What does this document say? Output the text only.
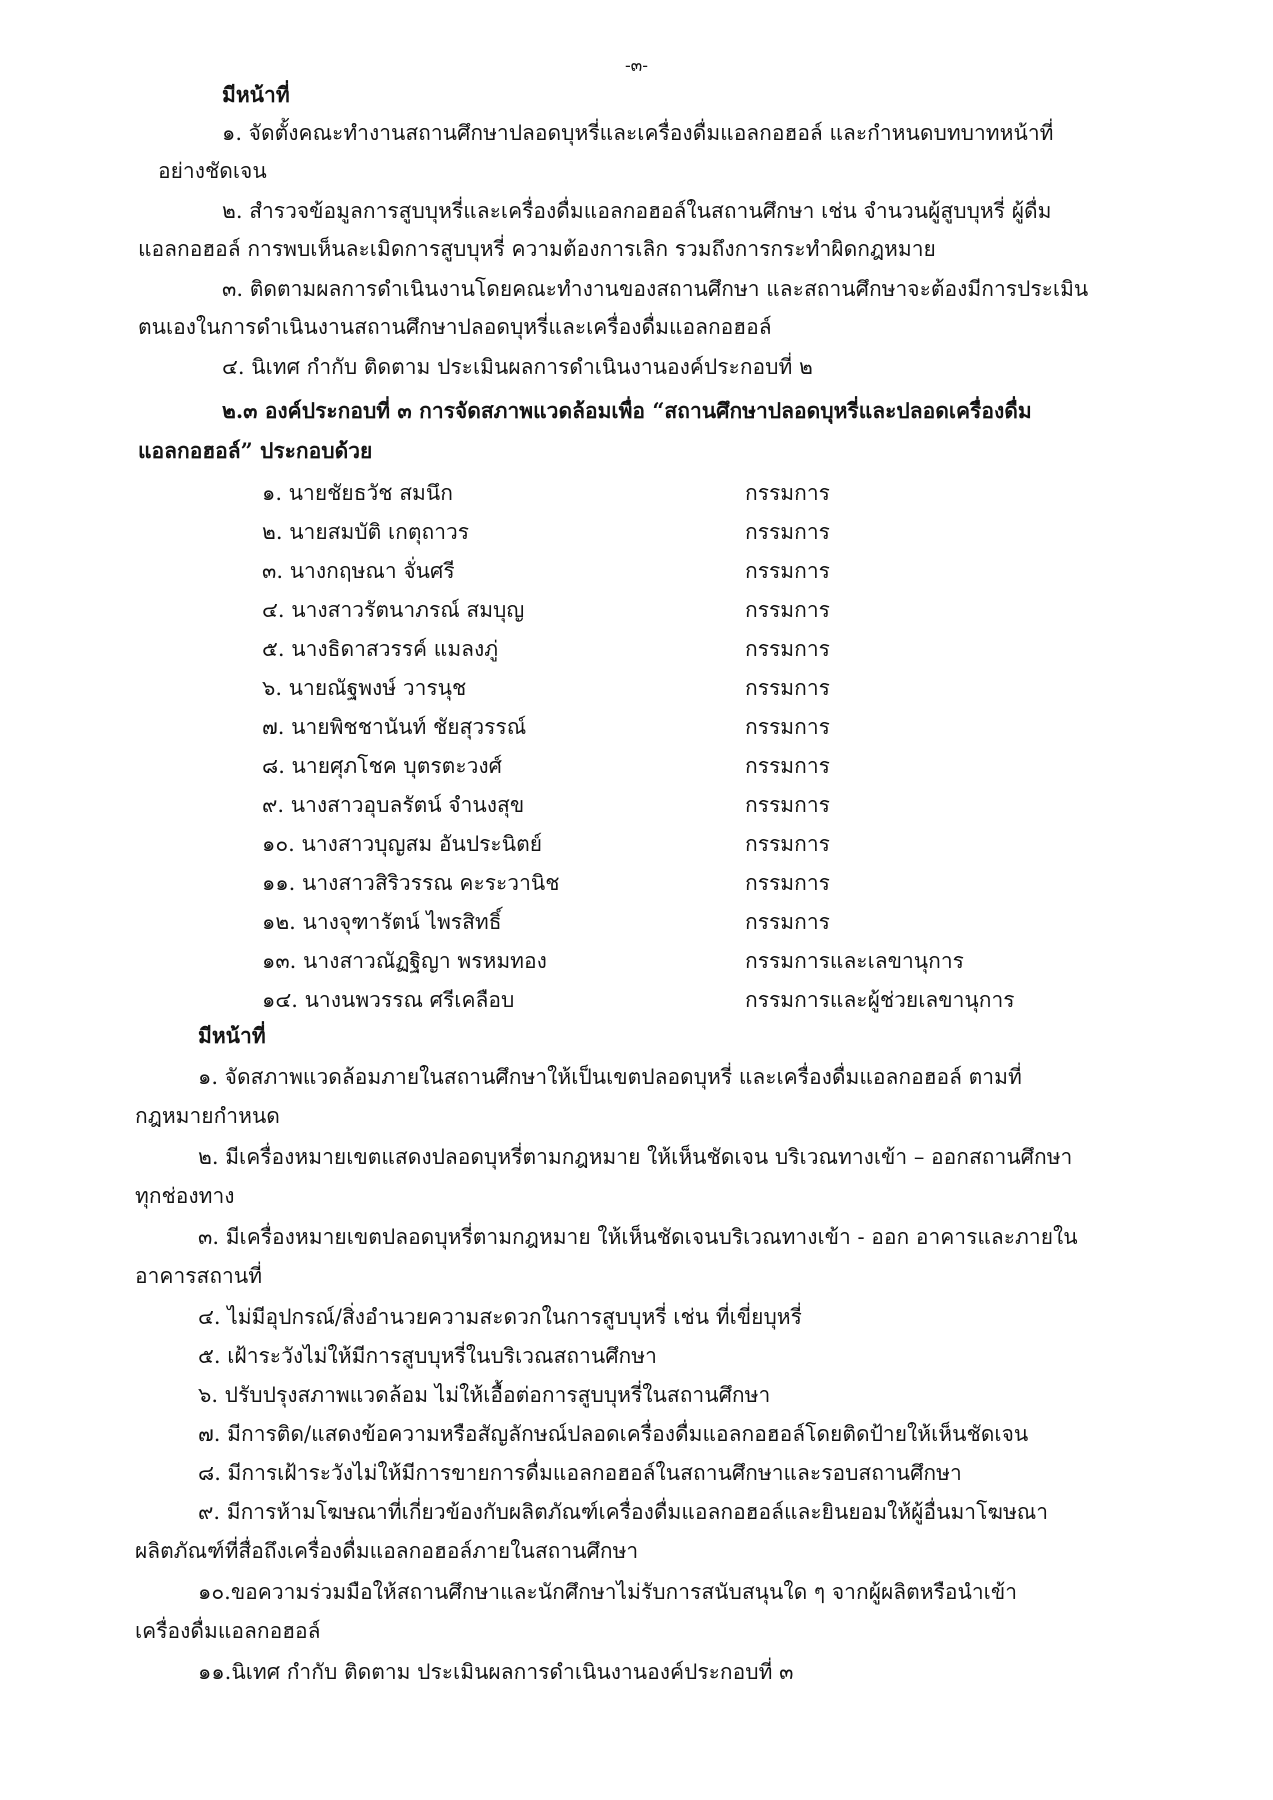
-๓-
มีหน้าที่
๑. จัดตั้งคณะทำงานสถานศึกษาปลอดบุหรี่และเครื่องดื่มแอลกอฮอล์ และกำหนดบทบาทหน้าที่
อย่างชัดเจน
๒. สำรวจข้อมูลการสูบบุหรี่และเครื่องดื่มแอลกอฮอล์ในสถานศึกษา เช่น จำนวนผู้สูบบุหรี่ ผู้ดื่ม
แอลกอฮอล์ การพบเห็นละเมิดการสูบบุหรี่ ความต้องการเลิก รวมถึงการกระทำผิดกฎหมาย
๓. ติดตามผลการดำเนินงานโดยคณะทำงานของสถานศึกษา และสถานศึกษาจะต้องมีการประเมิน
ตนเองในการดำเนินงานสถานศึกษาปลอดบุหรี่และเครื่องดื่มแอลกอฮอล์
๔. นิเทศ กำกับ ติดตาม ประเมินผลการดำเนินงานองค์ประกอบที่ ๒
๒.๓ องค์ประกอบที่ ๓ การจัดสภาพแวดล้อมเพื่อ “สถานศึกษาปลอดบุหรี่และปลอดเครื่องดื่ม
แอลกอฮอล์” ประกอบด้วย
๑. นายชัยธวัช สมนึก	กรรมการ
๒. นายสมบัติ เกตุถาวร	กรรมการ
๓. นางกฤษณา จั่นศรี	กรรมการ
๔. นางสาวรัตนาภรณ์ สมบุญ	กรรมการ
๕. นางธิดาสวรรค์ แมลงภู่	กรรมการ
๖. นายณัฐพงษ์ วารนุช	กรรมการ
๗. นายพิชชานันท์ ชัยสุวรรณ์	กรรมการ
๘. นายศุภโชค บุตรตะวงศ์	กรรมการ
๙. นางสาวอุบลรัตน์ จำนงสุข	กรรมการ
๑๐. นางสาวบุญสม อันประนิตย์	กรรมการ
๑๑. นางสาวสิริวรรณ คะระวานิช	กรรมการ
๑๒. นางจุฑารัตน์ ไพรสิทธิ์	กรรมการ
๑๓. นางสาวณัฏฐิญา พรหมทอง	กรรมการและเลขานุการ
๑๔. นางนพวรรณ ศรีเคลือบ	กรรมการและผู้ช่วยเลขานุการ
มีหน้าที่
๑. จัดสภาพแวดล้อมภายในสถานศึกษาให้เป็นเขตปลอดบุหรี่ และเครื่องดื่มแอลกอฮอล์ ตามที่
กฎหมายกำหนด
๒. มีเครื่องหมายเขตแสดงปลอดบุหรี่ตามกฎหมาย ให้เห็นชัดเจน บริเวณทางเข้า – ออกสถานศึกษา
ทุกช่องทาง
๓. มีเครื่องหมายเขตปลอดบุหรี่ตามกฎหมาย ให้เห็นชัดเจนบริเวณทางเข้า - ออก อาคารและภายใน
อาคารสถานที่
๔. ไม่มีอุปกรณ์/สิ่งอำนวยความสะดวกในการสูบบุหรี่ เช่น ที่เขี่ยบุหรี่
๕. เฝ้าระวังไม่ให้มีการสูบบุหรี่ในบริเวณสถานศึกษา
๖. ปรับปรุงสภาพแวดล้อม ไม่ให้เอื้อต่อการสูบบุหรี่ในสถานศึกษา
๗. มีการติด/แสดงข้อความหรือสัญลักษณ์ปลอดเครื่องดื่มแอลกอฮอล์โดยติดป้ายให้เห็นชัดเจน
๘. มีการเฝ้าระวังไม่ให้มีการขายการดื่มแอลกอฮอล์ในสถานศึกษาและรอบสถานศึกษา
๙. มีการห้ามโฆษณาที่เกี่ยวข้องกับผลิตภัณฑ์เครื่องดื่มแอลกอฮอล์และยินยอมให้ผู้อื่นมาโฆษณา
ผลิตภัณฑ์ที่สื่อถึงเครื่องดื่มแอลกอฮอล์ภายในสถานศึกษา
๑๐.ขอความร่วมมือให้สถานศึกษาและนักศึกษาไม่รับการสนับสนุนใด ๆ จากผู้ผลิตหรือนำเข้า
เครื่องดื่มแอลกอฮอล์
๑๑.นิเทศ กำกับ ติดตาม ประเมินผลการดำเนินงานองค์ประกอบที่ ๓
